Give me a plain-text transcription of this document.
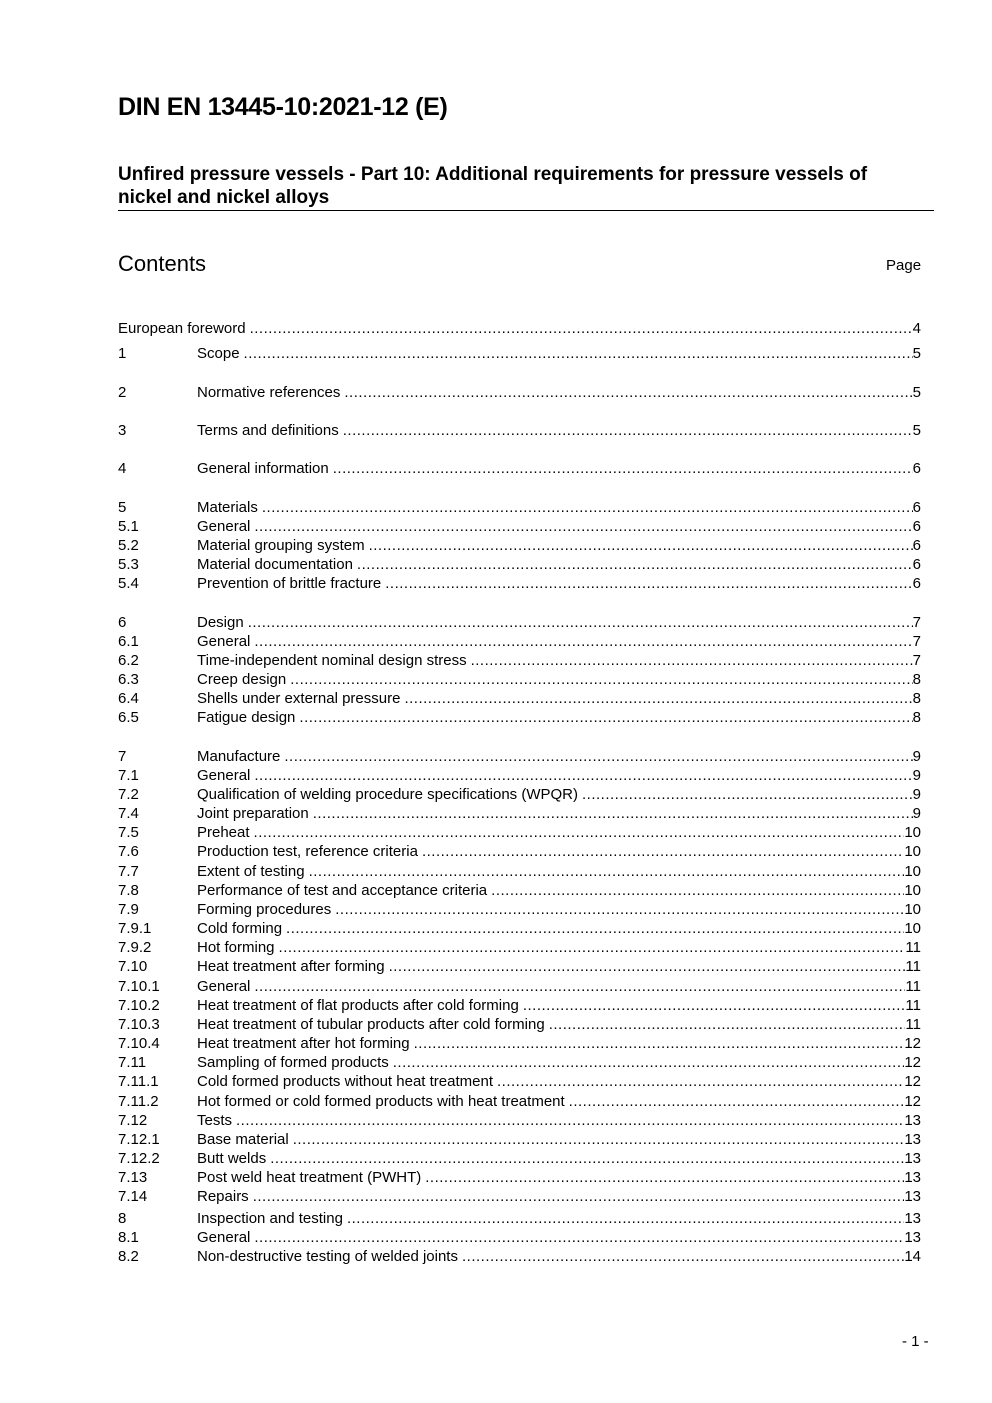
DIN EN 13445-10:2021-12 (E)
Unfired pressure vessels - Part 10: Additional requirements for pressure vessels of nickel and nickel alloys
Contents	Page
European foreword .....	4
1	Scope .....	5
2	Normative references .....	5
3	Terms and definitions .....	5
4	General information .....	6
5	Materials .....	6
5.1	General .....	6
5.2	Material grouping system .....	6
5.3	Material documentation .....	6
5.4	Prevention of brittle fracture .....	6
6	Design .....	7
6.1	General .....	7
6.2	Time-independent nominal design stress .....	7
6.3	Creep design .....	8
6.4	Shells under external pressure .....	8
6.5	Fatigue design .....	8
7	Manufacture .....	9
7.1	General .....	9
7.2	Qualification of welding procedure specifications (WPQR) .....	9
7.4	Joint preparation .....	9
7.5	Preheat .....	10
7.6	Production test, reference criteria .....	10
7.7	Extent of testing .....	10
7.8	Performance of test and acceptance criteria .....	10
7.9	Forming procedures .....	10
7.9.1	Cold forming .....	10
7.9.2	Hot forming .....	11
7.10	Heat treatment after forming .....	11
7.10.1 General .....	11
7.10.2 Heat treatment of flat products after cold forming .....	11
7.10.3 Heat treatment of tubular products after cold forming .....	11
7.10.4 Heat treatment after hot forming .....	12
7.11	Sampling of formed products .....	12
7.11.1	Cold formed products without heat treatment .....	12
7.11.2	Hot formed or cold formed products with heat treatment .....	12
7.12	Tests .....	13
7.12.1 Base material .....	13
7.12.2 Butt welds .....	13
7.13	Post weld heat treatment (PWHT) .....	13
7.14	Repairs .....	13
8	Inspection and testing .....	13
8.1	General .....	13
8.2	Non-destructive testing of welded joints .....	14
- 1 -
